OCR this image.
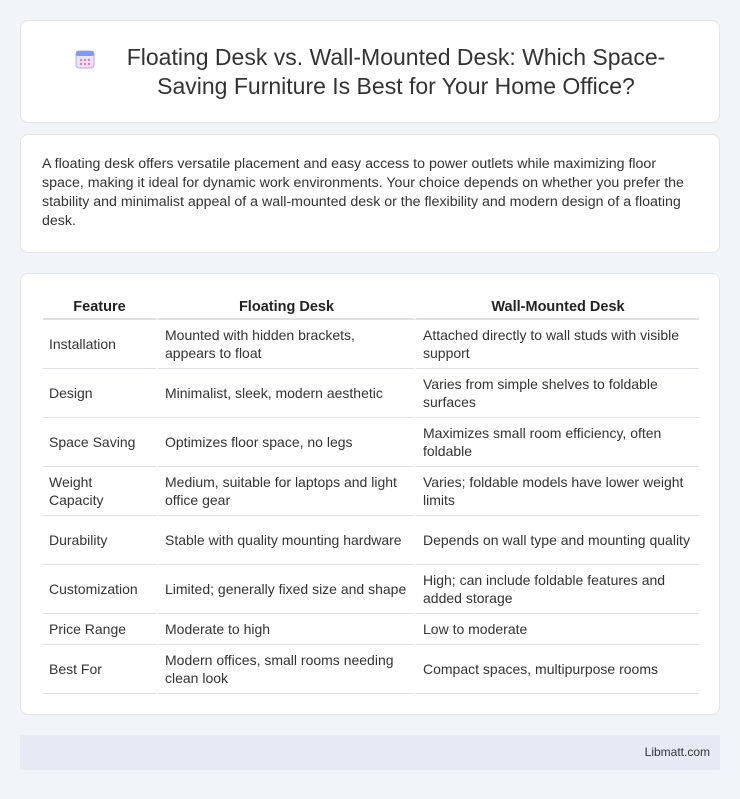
Floating Desk vs. Wall-Mounted Desk: Which Space-Saving Furniture Is Best for Your Home Office?

A floating desk offers versatile placement and easy access to power outlets while maximizing floor space, making it ideal for dynamic work environments. Your choice depends on whether you prefer the stability and minimalist appeal of a wall-mounted desk or the flexibility and modern design of a floating desk.

Feature	Floating Desk	Wall-Mounted Desk
Installation	Mounted with hidden brackets, appears to float	Attached directly to wall studs with visible support
Design	Minimalist, sleek, modern aesthetic	Varies from simple shelves to foldable surfaces
Space Saving	Optimizes floor space, no legs	Maximizes small room efficiency, often foldable
Weight Capacity	Medium, suitable for laptops and light office gear	Varies; foldable models have lower weight limits
Durability	Stable with quality mounting hardware	Depends on wall type and mounting quality
Customization	Limited; generally fixed size and shape	High; can include foldable features and added storage
Price Range	Moderate to high	Low to moderate
Best For	Modern offices, small rooms needing clean look	Compact spaces, multipurpose rooms
Libmatt.com
